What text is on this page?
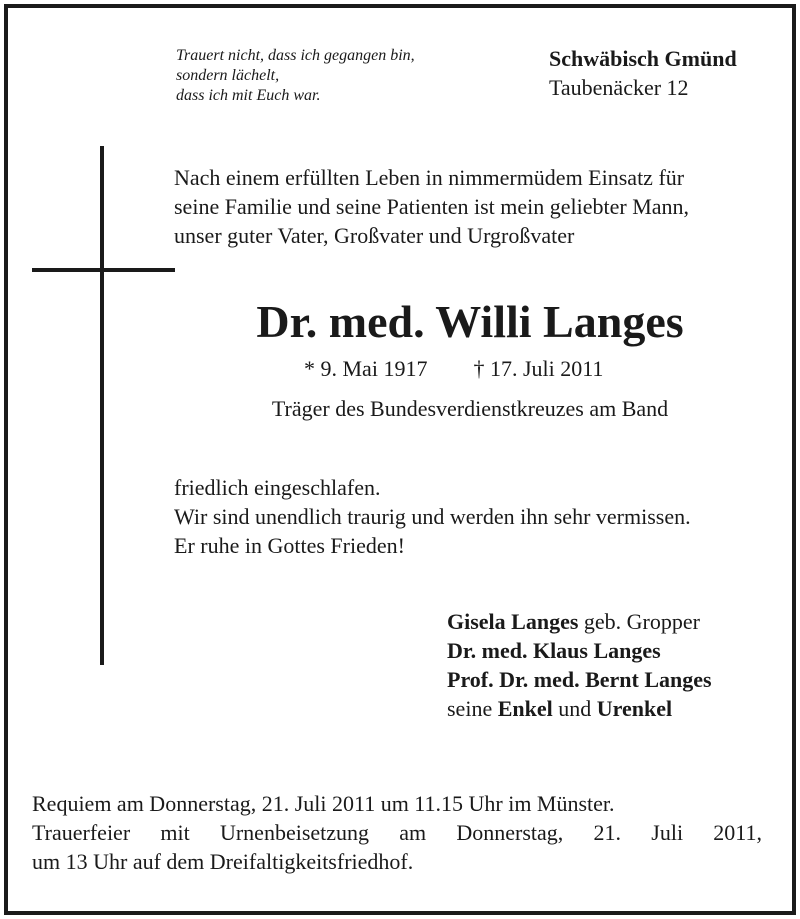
Trauert nicht, dass ich gegangen bin,
sondern lächelt,
dass ich mit Euch war.
Schwäbisch Gmünd
Taubenäcker 12
Nach einem erfüllten Leben in nimmermüdem Einsatz für
seine Familie und seine Patienten ist mein geliebter Mann,
unser guter Vater, Großvater und Urgroßvater
Dr. med. Willi Langes
* 9. Mai 1917 † 17. Juli 2011
Träger des Bundesverdienstkreuzes am Band
friedlich eingeschlafen.
Wir sind unendlich traurig und werden ihn sehr vermissen.
Er ruhe in Gottes Frieden!
Gisela Langes geb. Gropper
Dr. med. Klaus Langes
Prof. Dr. med. Bernt Langes
seine Enkel und Urenkel
Requiem am Donnerstag, 21. Juli 2011 um 11.15 Uhr im Münster.
Trauerfeier mit Urnenbeisetzung am Donnerstag, 21. Juli 2011,
um 13 Uhr auf dem Dreifaltigkeitsfriedhof.
